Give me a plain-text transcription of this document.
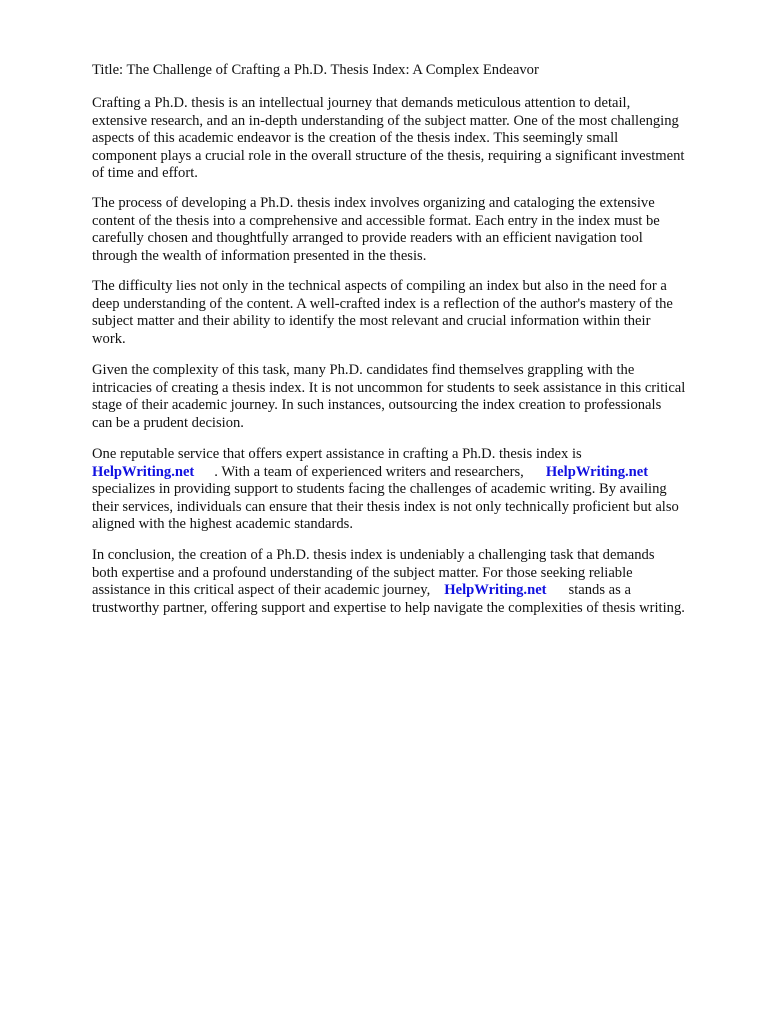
Title: The Challenge of Crafting a Ph.D. Thesis Index: A Complex Endeavor

Crafting a Ph.D. thesis is an intellectual journey that demands meticulous attention to detail,
extensive research, and an in-depth understanding of the subject matter. One of the most challenging
aspects of this academic endeavor is the creation of the thesis index. This seemingly small
component plays a crucial role in the overall structure of the thesis, requiring a significant investment
of time and effort.

The process of developing a Ph.D. thesis index involves organizing and cataloging the extensive
content of the thesis into a comprehensive and accessible format. Each entry in the index must be
carefully chosen and thoughtfully arranged to provide readers with an efficient navigation tool
through the wealth of information presented in the thesis.

The difficulty lies not only in the technical aspects of compiling an index but also in the need for a
deep understanding of the content. A well-crafted index is a reflection of the author's mastery of the
subject matter and their ability to identify the most relevant and crucial information within their
work.

Given the complexity of this task, many Ph.D. candidates find themselves grappling with the
intricacies of creating a thesis index. It is not uncommon for students to seek assistance in this critical
stage of their academic journey. In such instances, outsourcing the index creation to professionals
can be a prudent decision.

One reputable service that offers expert assistance in crafting a Ph.D. thesis index is
HelpWriting.net . With a team of experienced writers and researchers, HelpWriting.net
specializes in providing support to students facing the challenges of academic writing. By availing
their services, individuals can ensure that their thesis index is not only technically proficient but also
aligned with the highest academic standards.

In conclusion, the creation of a Ph.D. thesis index is undeniably a challenging task that demands
both expertise and a profound understanding of the subject matter. For those seeking reliable
assistance in this critical aspect of their academic journey, HelpWriting.net stands as a
trustworthy partner, offering support and expertise to help navigate the complexities of thesis writing.
